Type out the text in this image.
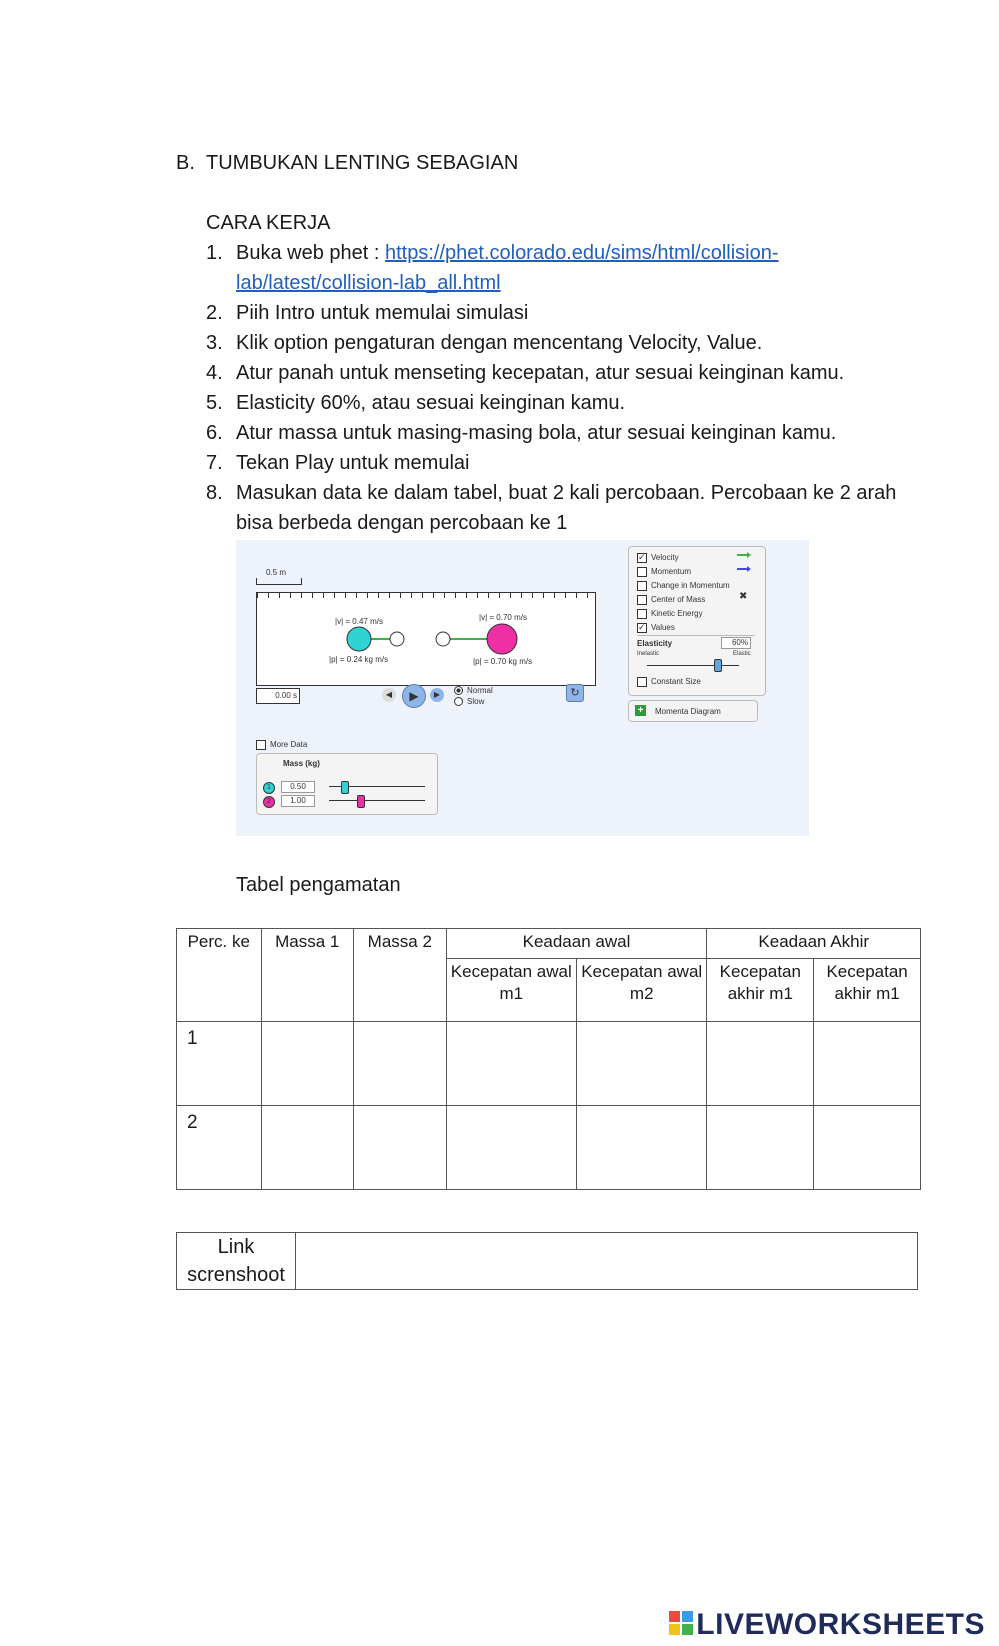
B. TUMBUKAN LENTING SEBAGIAN
CARA KERJA
1. Buka web phet : https://phet.colorado.edu/sims/html/collision-lab/latest/collision-lab_all.html
2. Piih Intro untuk memulai simulasi
3. Klik option pengaturan dengan mencentang Velocity, Value.
4. Atur panah untuk menseting kecepatan, atur sesuai keinginan kamu.
5. Elasticity 60%, atau sesuai keinginan kamu.
6. Atur massa untuk masing-masing bola, atur sesuai keinginan kamu.
7. Tekan Play untuk memulai
8. Masukan data ke dalam tabel, buat 2 kali percobaan. Percobaan ke 2 arah bisa berbeda dengan percobaan ke 1
0.5 m
|v| = 0.47 m/s
|p| = 0.24 kg m/s
|v| = 0.70 m/s
|p| = 0.70 kg m/s
0.00 s	◀	▶	▶	Normal
Slow
↻
✓Velocity
Momentum
Change in Momentum
Center of Mass
Kinetic Energy
✓Values
✖
Elasticity	60%
Inelastic	Elastic
Constant Size
+	Momenta Diagram
More Data
Mass (kg)
1	0.50
2	1.00
Tabel pengamatan
Perc. ke	Massa 1	Massa 2	Keadaan awal		Keadaan Akhir	
			Kecepatan awal m1	Kecepatan awal m2	Kecepatan akhir m1	Kecepatan akhir m1
1						
2						
Link screnshoot	
LIVEWORKSHEETS
